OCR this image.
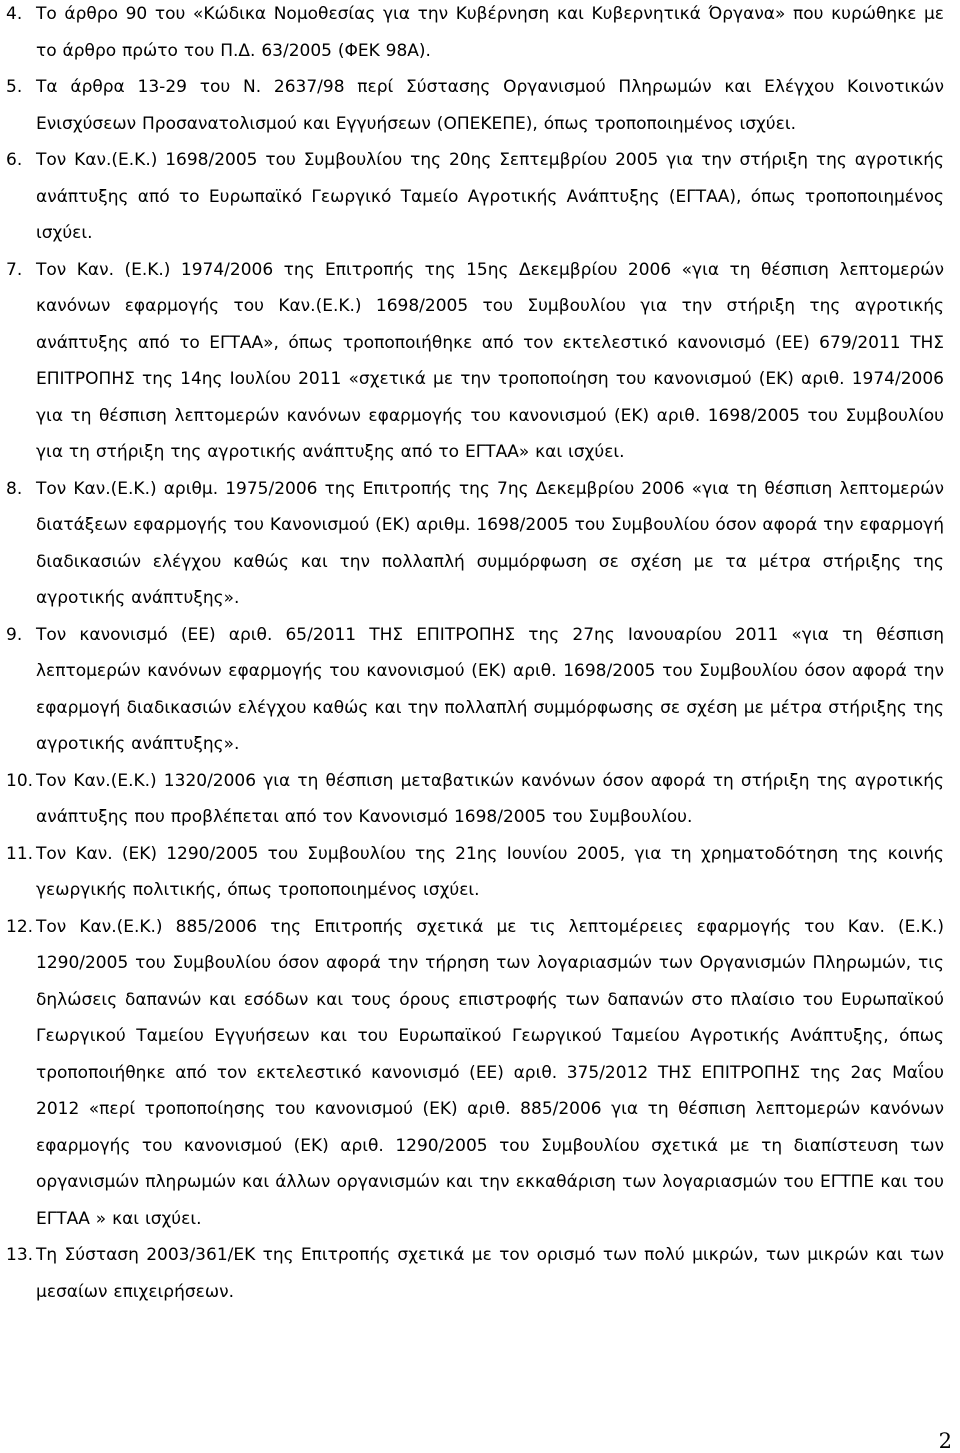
4. Το άρθρο 90 του «Κώδικα Νομοθεσίας για την Κυβέρνηση και Κυβερνητικά Όργανα» που κυρώθηκε με το άρθρο πρώτο του Π.Δ. 63/2005 (ΦΕΚ 98Α).
5. Τα άρθρα 13-29 του Ν. 2637/98 περί Σύστασης Οργανισμού Πληρωμών και Ελέγχου Κοινοτικών Ενισχύσεων Προσανατολισμού και Εγγυήσεων (ΟΠΕΚΕΠΕ), όπως τροποποιημένος ισχύει.
6. Τον Καν.(Ε.Κ.) 1698/2005 του Συμβουλίου της 20ης Σεπτεμβρίου 2005 για την στήριξη της αγροτικής ανάπτυξης από το Ευρωπαϊκό Γεωργικό Ταμείο Αγροτικής Ανάπτυξης (ΕΓΤΑΑ), όπως τροποποιημένος ισχύει.
7. Τον Καν. (Ε.Κ.) 1974/2006 της Επιτροπής της 15ης Δεκεμβρίου 2006 «για τη θέσπιση λεπτομερών κανόνων εφαρμογής του Καν.(Ε.Κ.) 1698/2005 του Συμβουλίου για την στήριξη της αγροτικής ανάπτυξης από το ΕΓΤΑΑ», όπως τροποποιήθηκε από τον εκτελεστικό κανονισμό (ΕΕ) 679/2011 ΤΗΣ ΕΠΙΤΡΟΠΗΣ της 14ης Ιουλίου 2011 «σχετικά με την τροποποίηση του κανονισμού (ΕΚ) αριθ. 1974/2006 για τη θέσπιση λεπτομερών κανόνων εφαρμογής του κανονισμού (ΕΚ) αριθ. 1698/2005 του Συμβουλίου για τη στήριξη της αγροτικής ανάπτυξης από το ΕΓΤΑΑ» και ισχύει.
8. Τον Καν.(Ε.Κ.) αριθμ. 1975/2006 της Επιτροπής της 7ης Δεκεμβρίου 2006 «για τη θέσπιση λεπτομερών διατάξεων εφαρμογής του Κανονισμού (ΕΚ) αριθμ. 1698/2005 του Συμβουλίου όσον αφορά την εφαρμογή διαδικασιών ελέγχου καθώς και την πολλαπλή συμμόρφωση σε σχέση με τα μέτρα στήριξης της αγροτικής ανάπτυξης».
9. Τον κανονισμό (ΕΕ) αριθ. 65/2011 ΤΗΣ ΕΠΙΤΡΟΠΗΣ της 27ης Ιανουαρίου 2011 «για τη θέσπιση λεπτομερών κανόνων εφαρμογής του κανονισμού (ΕΚ) αριθ. 1698/2005 του Συμβουλίου όσον αφορά την εφαρμογή διαδικασιών ελέγχου καθώς και την πολλαπλή συμμόρφωσης σε σχέση με μέτρα στήριξης της αγροτικής ανάπτυξης».
10. Τον Καν.(Ε.Κ.) 1320/2006 για τη θέσπιση μεταβατικών κανόνων όσον αφορά τη στήριξη της αγροτικής ανάπτυξης που προβλέπεται από τον Κανονισμό 1698/2005 του Συμβουλίου.
11. Τον Καν. (ΕΚ) 1290/2005 του Συμβουλίου της 21ης Ιουνίου 2005, για τη χρηματοδότηση της κοινής γεωργικής πολιτικής, όπως τροποποιημένος ισχύει.
12. Τον Καν.(Ε.Κ.) 885/2006 της Επιτροπής σχετικά με τις λεπτομέρειες εφαρμογής του Καν. (Ε.Κ.) 1290/2005 του Συμβουλίου όσον αφορά την τήρηση των λογαριασμών των Οργανισμών Πληρωμών, τις δηλώσεις δαπανών και εσόδων και τους όρους επιστροφής των δαπανών στο πλαίσιο του Ευρωπαϊκού Γεωργικού Ταμείου Εγγυήσεων και του Ευρωπαϊκού Γεωργικού Ταμείου Αγροτικής Ανάπτυξης, όπως τροποποιήθηκε από τον εκτελεστικό κανονισμό (ΕΕ) αριθ. 375/2012 ΤΗΣ ΕΠΙΤΡΟΠΗΣ της 2ας Μαΐου 2012 «περί τροποποίησης του κανονισμού (ΕΚ) αριθ. 885/2006 για τη θέσπιση λεπτομερών κανόνων εφαρμογής του κανονισμού (ΕΚ) αριθ. 1290/2005 του Συμβουλίου σχετικά με τη διαπίστευση των οργανισμών πληρωμών και άλλων οργανισμών και την εκκαθάριση των λογαριασμών του ΕΓΤΠΕ και του ΕΓΤΑΑ » και ισχύει.
13. Τη Σύσταση 2003/361/ΕΚ της Επιτροπής σχετικά με τον ορισμό των πολύ μικρών, των μικρών και των μεσαίων επιχειρήσεων.
2
